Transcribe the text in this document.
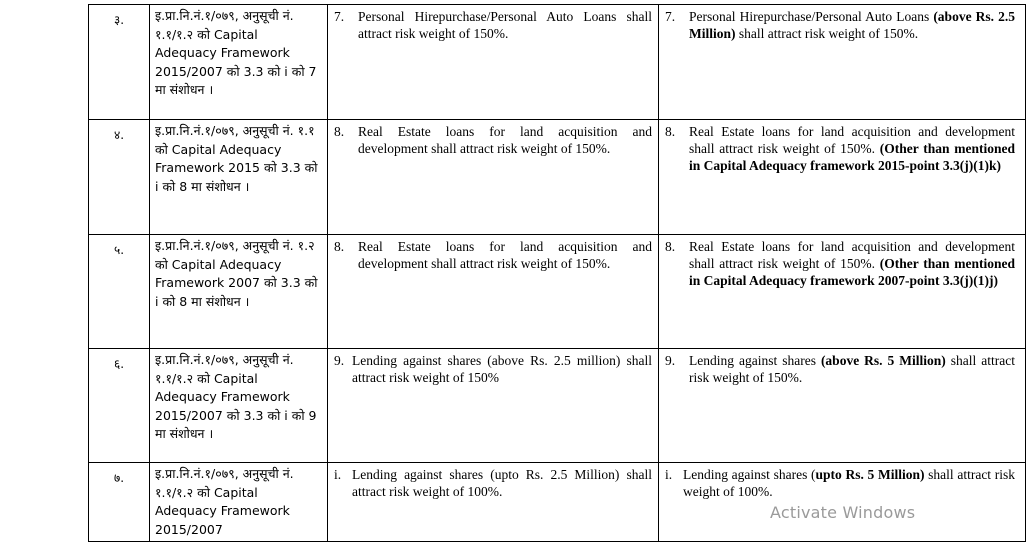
३.	इ.प्रा.नि.नं.१/०७९, अनुसूची नं. १.१/१.२ को Capital Adequacy Framework 2015/2007 को 3.3 को i को 7 मा संशोधन ।	7. Personal Hirepurchase/Personal Auto Loans shall attract risk weight of 150%.	7. Personal Hirepurchase/Personal Auto Loans (above Rs. 2.5 Million) shall attract risk weight of 150%.

४.	इ.प्रा.नि.नं.१/०७९, अनुसूची नं. १.१ को Capital Adequacy Framework 2015 को 3.3 को i को 8 मा संशोधन ।	8. Real Estate loans for land acquisition and development shall attract risk weight of 150%.	8. Real Estate loans for land acquisition and development shall attract risk weight of 150%. (Other than mentioned in Capital Adequacy framework 2015-point 3.3(j)(1)k)

५.	इ.प्रा.नि.नं.१/०७९, अनुसूची नं. १.२ को Capital Adequacy Framework 2007 को 3.3 को i को 8 मा संशोधन ।	8. Real Estate loans for land acquisition and development shall attract risk weight of 150%.	8. Real Estate loans for land acquisition and development shall attract risk weight of 150%. (Other than mentioned in Capital Adequacy framework 2007-point 3.3(j)(1)j)

६.	इ.प्रा.नि.नं.१/०७९, अनुसूची नं. १.१/१.२ को Capital Adequacy Framework 2015/2007 को 3.3 को i को 9 मा संशोधन ।	9. Lending against shares (above Rs. 2.5 million) shall attract risk weight of 150%	9. Lending against shares (above Rs. 5 Million) shall attract risk weight of 150%.

७.	इ.प्रा.नि.नं.१/०७९, अनुसूची नं. १.१/१.२ को Capital Adequacy Framework 2015/2007	i. Lending against shares (upto Rs. 2.5 Million) shall attract risk weight of 100%.	i. Lending against shares (upto Rs. 5 Million) shall attract risk weight of 100%.
Activate Windows
